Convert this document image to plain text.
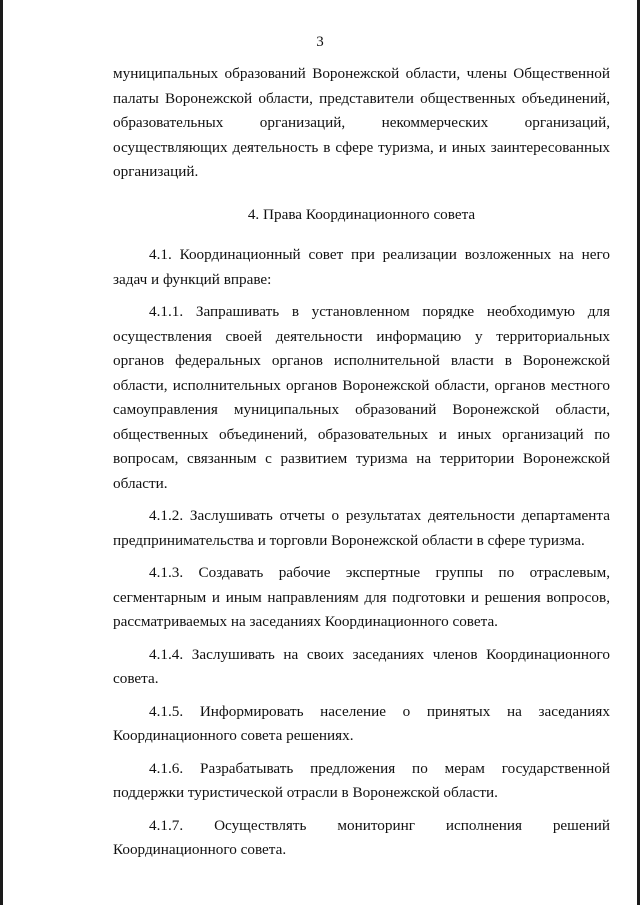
3

муниципальных образований Воронежской области, члены Общественной палаты Воронежской области, представители общественных объединений, образовательных организаций, некоммерческих организаций, осуществляющих деятельность в сфере туризма, и иных заинтересованных организаций.

4. Права Координационного совета

4.1. Координационный совет при реализации возложенных на него задач и функций вправе:

4.1.1. Запрашивать в установленном порядке необходимую для осуществления своей деятельности информацию у территориальных органов федеральных органов исполнительной власти в Воронежской области, исполнительных органов Воронежской области, органов местного самоуправления муниципальных образований Воронежской области, общественных объединений, образовательных и иных организаций по вопросам, связанным с развитием туризма на территории Воронежской области.

4.1.2. Заслушивать отчеты о результатах деятельности департамента предпринимательства и торговли Воронежской области в сфере туризма.

4.1.3. Создавать рабочие экспертные группы по отраслевым, сегментарным и иным направлениям для подготовки и решения вопросов, рассматриваемых на заседаниях Координационного совета.

4.1.4. Заслушивать на своих заседаниях членов Координационного совета.

4.1.5. Информировать население о принятых на заседаниях Координационного совета решениях.

4.1.6. Разрабатывать предложения по мерам государственной поддержки туристической отрасли в Воронежской области.

4.1.7. Осуществлять мониторинг исполнения решений Координационного совета.
